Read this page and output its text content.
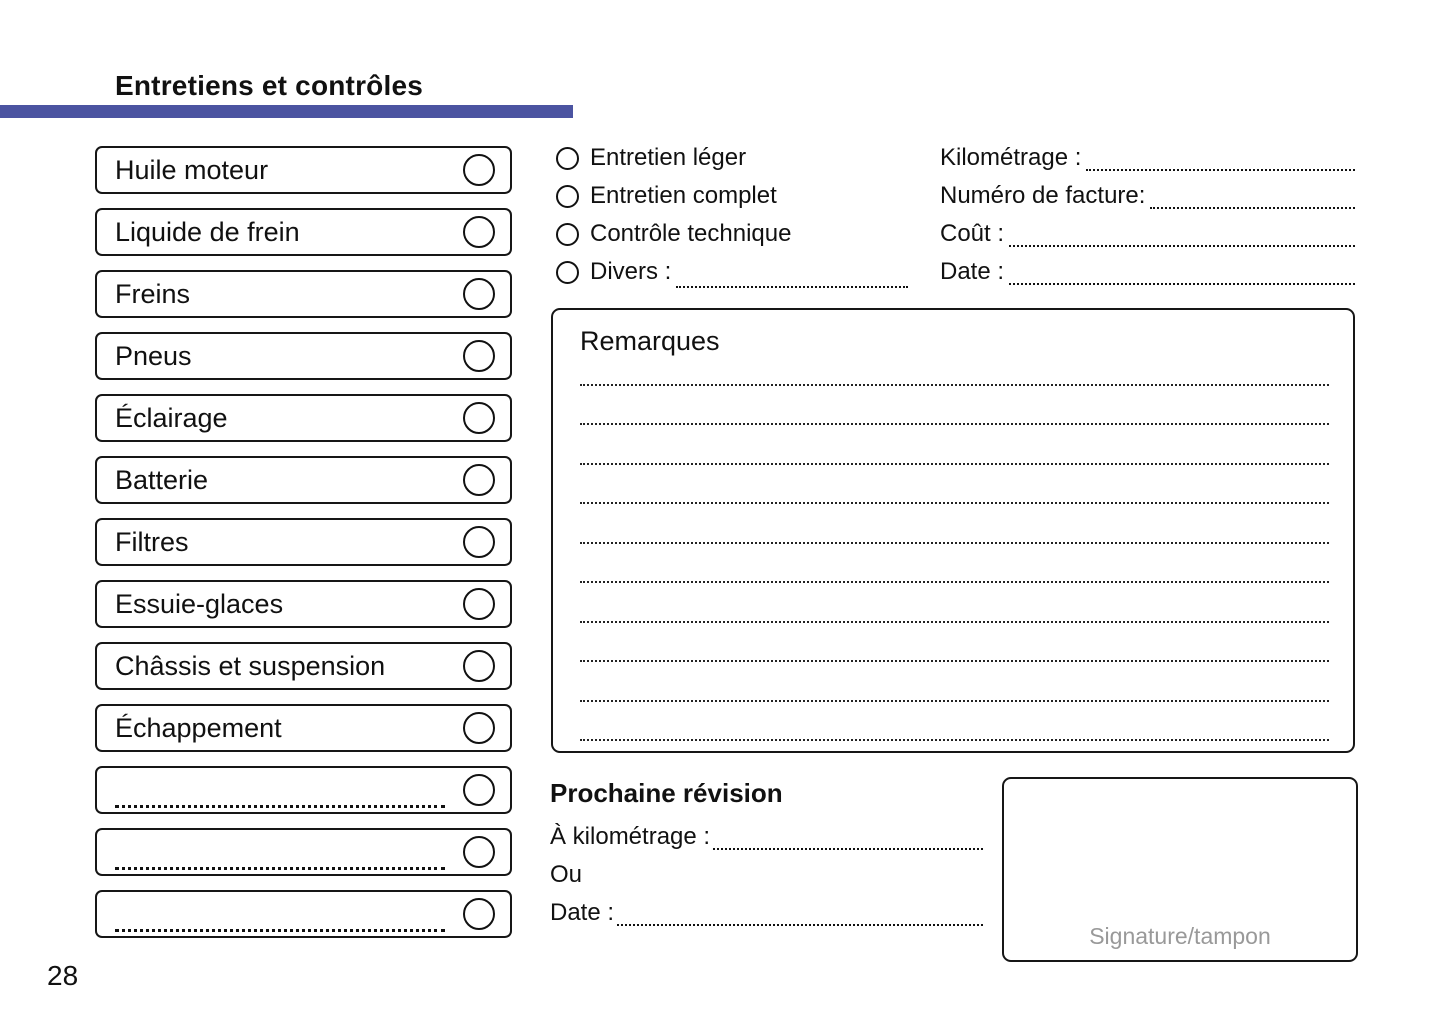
Entretiens et contrôles
Huile moteur
Liquide de frein
Freins
Pneus
Éclairage
Batterie
Filtres
Essuie-glaces
Châssis et suspension
Échappement
Entretien léger
Entretien complet
Contrôle technique
Divers :
Kilométrage :
Numéro de facture:
Coût :
Date :
Remarques
Prochaine révision
À kilométrage :
Ou
Date :
Signature/tampon
28
